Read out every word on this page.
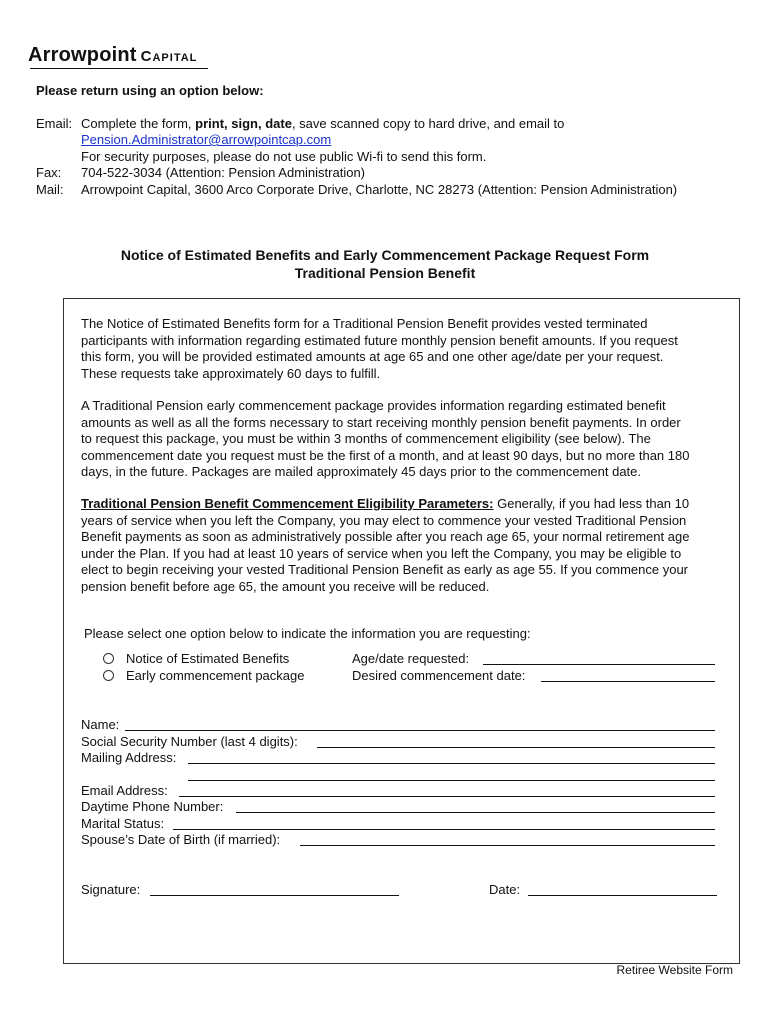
Arrowpoint Capital
Please return using an option below:
Email: Complete the form, print, sign, date, save scanned copy to hard drive, and email to
Pension.Administrator@arrowpointcap.com
For security purposes, please do not use public Wi-fi to send this form.
Fax: 704-522-3034 (Attention: Pension Administration)
Mail: Arrowpoint Capital, 3600 Arco Corporate Drive, Charlotte, NC 28273 (Attention: Pension Administration)
Notice of Estimated Benefits and Early Commencement Package Request Form
Traditional Pension Benefit
The Notice of Estimated Benefits form for a Traditional Pension Benefit provides vested terminated
participants with information regarding estimated future monthly pension benefit amounts. If you request
this form, you will be provided estimated amounts at age 65 and one other age/date per your request.
These requests take approximately 60 days to fulfill.
A Traditional Pension early commencement package provides information regarding estimated benefit
amounts as well as all the forms necessary to start receiving monthly pension benefit payments. In order
to request this package, you must be within 3 months of commencement eligibility (see below). The
commencement date you request must be the first of a month, and at least 90 days, but no more than 180
days, in the future. Packages are mailed approximately 45 days prior to the commencement date.
Traditional Pension Benefit Commencement Eligibility Parameters: Generally, if you had less than 10
years of service when you left the Company, you may elect to commence your vested Traditional Pension
Benefit payments as soon as administratively possible after you reach age 65, your normal retirement age
under the Plan. If you had at least 10 years of service when you left the Company, you may be eligible to
elect to begin receiving your vested Traditional Pension Benefit as early as age 55. If you commence your
pension benefit before age 65, the amount you receive will be reduced.
Please select one option below to indicate the information you are requesting:
Notice of Estimated Benefits	Age/date requested:
Early commencement package	Desired commencement date:
Name:
Social Security Number (last 4 digits):
Mailing Address:
Email Address:
Daytime Phone Number:
Marital Status:
Spouse’s Date of Birth (if married):
Signature:	Date:
Retiree Website Form
